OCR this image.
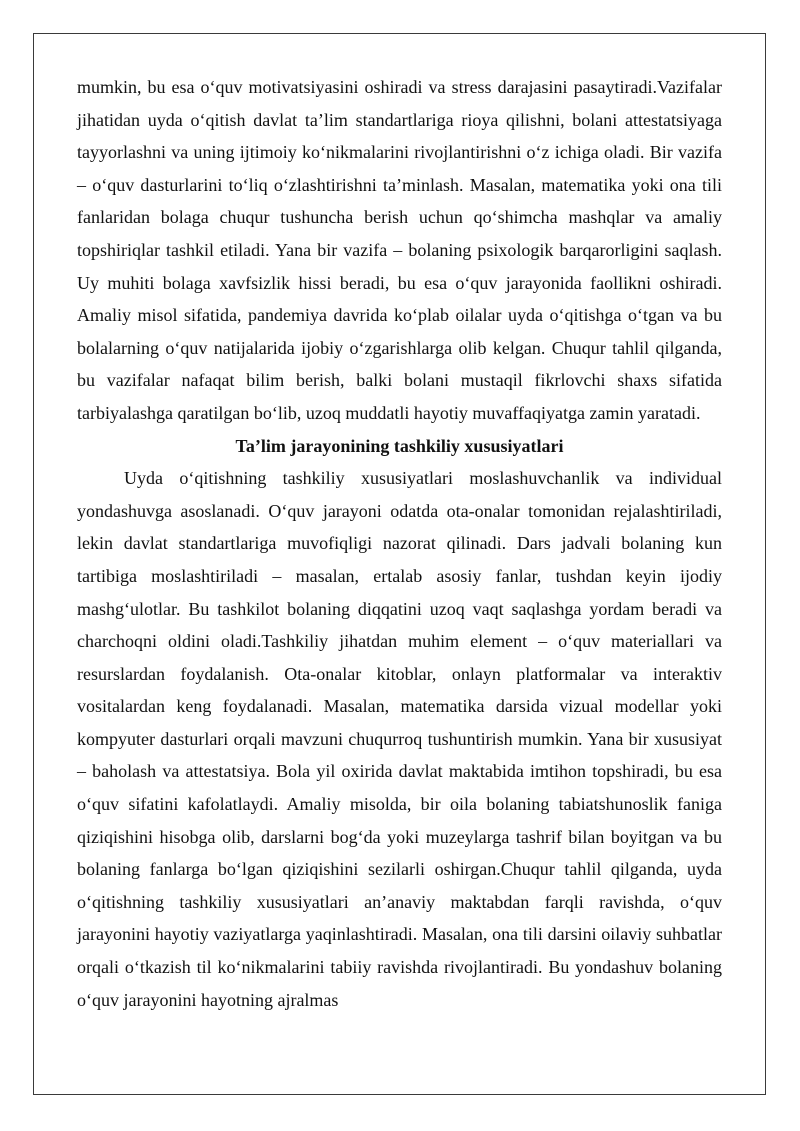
mumkin, bu esa o‘quv motivatsiyasini oshiradi va stress darajasini pasaytiradi.Vazifalar jihatidan uyda o‘qitish davlat ta’lim standartlariga rioya qilishni, bolani attestatsiyaga tayyorlashni va uning ijtimoiy ko‘nikmalarini rivojlantirishni o‘z ichiga oladi. Bir vazifa – o‘quv dasturlarini to‘liq o‘zlashtirishni ta’minlash. Masalan, matematika yoki ona tili fanlaridan bolaga chuqur tushuncha berish uchun qo‘shimcha mashqlar va amaliy topshiriqlar tashkil etiladi. Yana bir vazifa – bolaning psixologik barqarorligini saqlash. Uy muhiti bolaga xavfsizlik hissi beradi, bu esa o‘quv jarayonida faollikni oshiradi. Amaliy misol sifatida, pandemiya davrida ko‘plab oilalar uyda o‘qitishga o‘tgan va bu bolalarning o‘quv natijalarida ijobiy o‘zgarishlarga olib kelgan. Chuqur tahlil qilganda, bu vazifalar nafaqat bilim berish, balki bolani mustaqil fikrlovchi shaxs sifatida tarbiyalashga qaratilgan bo‘lib, uzoq muddatli hayotiy muvaffaqiyatga zamin yaratadi.

Ta’lim jarayonining tashkiliy xususiyatlari

Uyda o‘qitishning tashkiliy xususiyatlari moslashuvchanlik va individual yondashuvga asoslanadi. O‘quv jarayoni odatda ota-onalar tomonidan rejalashtiriladi, lekin davlat standartlariga muvofiqligi nazorat qilinadi. Dars jadvali bolaning kun tartibiga moslashtiriladi – masalan, ertalab asosiy fanlar, tushdan keyin ijodiy mashg‘ulotlar. Bu tashkilot bolaning diqqatini uzoq vaqt saqlashga yordam beradi va charchoqni oldini oladi.Tashkiliy jihatdan muhim element – o‘quv materiallari va resurslardan foydalanish. Ota-onalar kitoblar, onlayn platformalar va interaktiv vositalardan keng foydalanadi. Masalan, matematika darsida vizual modellar yoki kompyuter dasturlari orqali mavzuni chuqurroq tushuntirish mumkin. Yana bir xususiyat – baholash va attestatsiya. Bola yil oxirida davlat maktabida imtihon topshiradi, bu esa o‘quv sifatini kafolatlaydi. Amaliy misolda, bir oila bolaning tabiatshunoslik faniga qiziqishini hisobga olib, darslarni bog‘da yoki muzeylarga tashrif bilan boyitgan va bu bolaning fanlarga bo‘lgan qiziqishini sezilarli oshirgan.Chuqur tahlil qilganda, uyda o‘qitishning tashkiliy xususiyatlari an’anaviy maktabdan farqli ravishda, o‘quv jarayonini hayotiy vaziyatlarga yaqinlashtiradi. Masalan, ona tili darsini oilaviy suhbatlar orqali o‘tkazish til ko‘nikmalarini tabiiy ravishda rivojlantiradi. Bu yondashuv bolaning o‘quv jarayonini hayotning ajralmas
